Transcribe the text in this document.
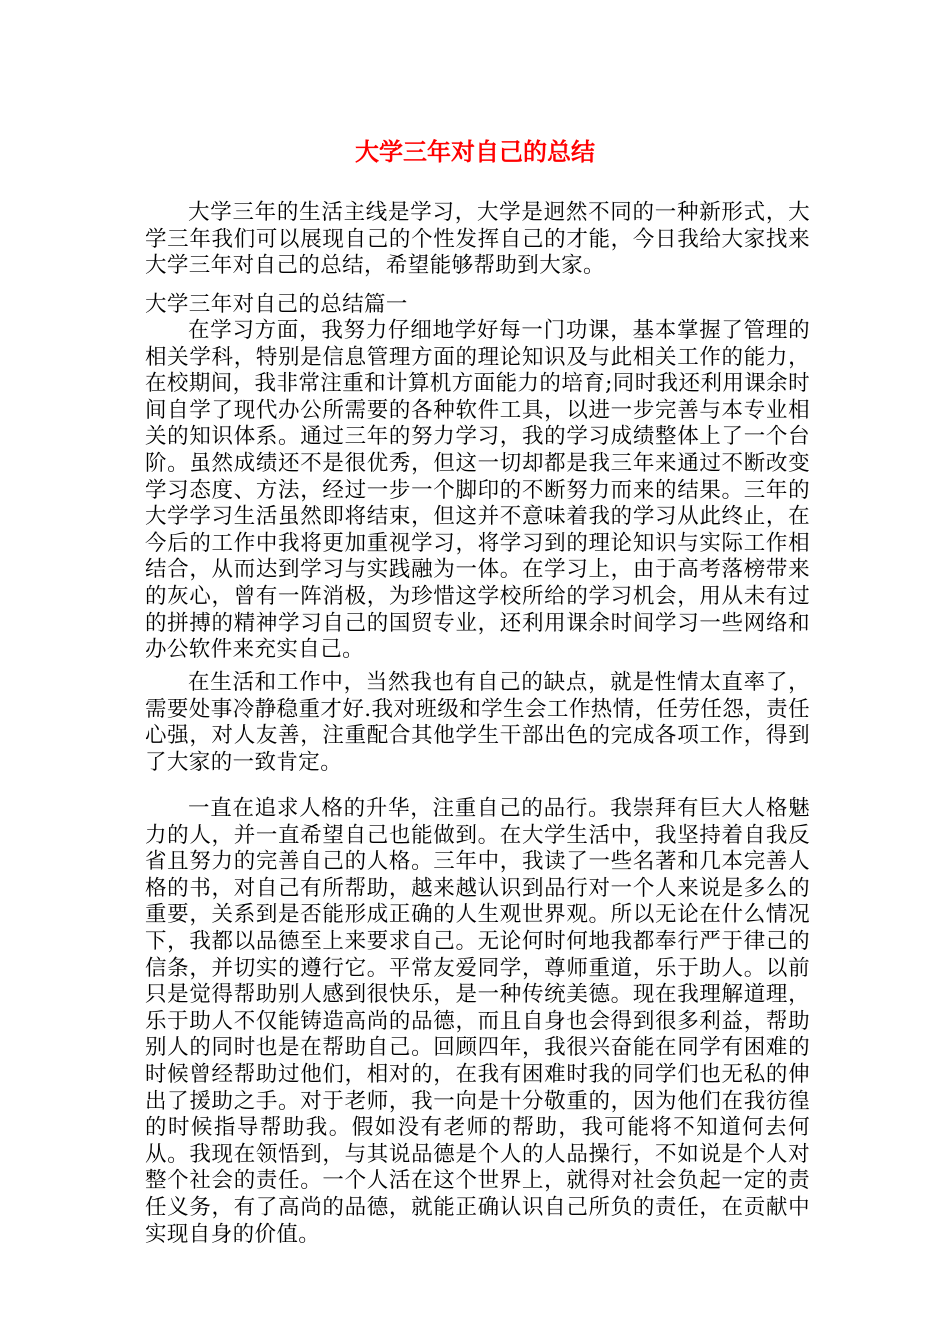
大学三年对自己的总结

大学三年的生活主线是学习，大学是迥然不同的一种新形式，大学三年我们可以展现自己的个性发挥自己的才能，今日我给大家找来大学三年对自己的总结，希望能够帮助到大家。

大学三年对自己的总结篇一

在学习方面，我努力仔细地学好每一门功课，基本掌握了管理的相关学科，特别是信息管理方面的理论知识及与此相关工作的能力，在校期间，我非常注重和计算机方面能力的培育;同时我还利用课余时间自学了现代办公所需要的各种软件工具，以进一步完善与本专业相关的知识体系。通过三年的努力学习，我的学习成绩整体上了一个台阶。虽然成绩还不是很优秀，但这一切却都是我三年来通过不断改变学习态度、方法，经过一步一个脚印的不断努力而来的结果。三年的大学学习生活虽然即将结束，但这并不意味着我的学习从此终止，在今后的工作中我将更加重视学习，将学习到的理论知识与实际工作相结合，从而达到学习与实践融为一体。在学习上，由于高考落榜带来的灰心，曾有一阵消极，为珍惜这学校所给的学习机会，用从未有过的拼搏的精神学习自己的国贸专业，还利用课余时间学习一些网络和办公软件来充实自己。

在生活和工作中，当然我也有自己的缺点，就是性情太直率了，需要处事冷静稳重才好.我对班级和学生会工作热情，任劳任怨，责任心强，对人友善，注重配合其他学生干部出色的完成各项工作，得到了大家的一致肯定。

一直在追求人格的升华，注重自己的品行。我崇拜有巨大人格魅力的人，并一直希望自己也能做到。在大学生活中，我坚持着自我反省且努力的完善自己的人格。三年中，我读了一些名著和几本完善人格的书，对自己有所帮助，越来越认识到品行对一个人来说是多么的重要，关系到是否能形成正确的人生观世界观。所以无论在什么情况下，我都以品德至上来要求自己。无论何时何地我都奉行严于律己的信条，并切实的遵行它。平常友爱同学，尊师重道，乐于助人。以前只是觉得帮助别人感到很快乐，是一种传统美德。现在我理解道理，乐于助人不仅能铸造高尚的品德，而且自身也会得到很多利益，帮助别人的同时也是在帮助自己。回顾四年，我很兴奋能在同学有困难的时候曾经帮助过他们，相对的，在我有困难时我的同学们也无私的伸出了援助之手。对于老师，我一向是十分敬重的，因为他们在我彷徨的时候指导帮助我。假如没有老师的帮助，我可能将不知道何去何从。我现在领悟到，与其说品德是个人的人品操行，不如说是个人对整个社会的责任。一个人活在这个世界上，就得对社会负起一定的责任义务，有了高尚的品德，就能正确认识自己所负的责任，在贡献中实现自身的价值。
